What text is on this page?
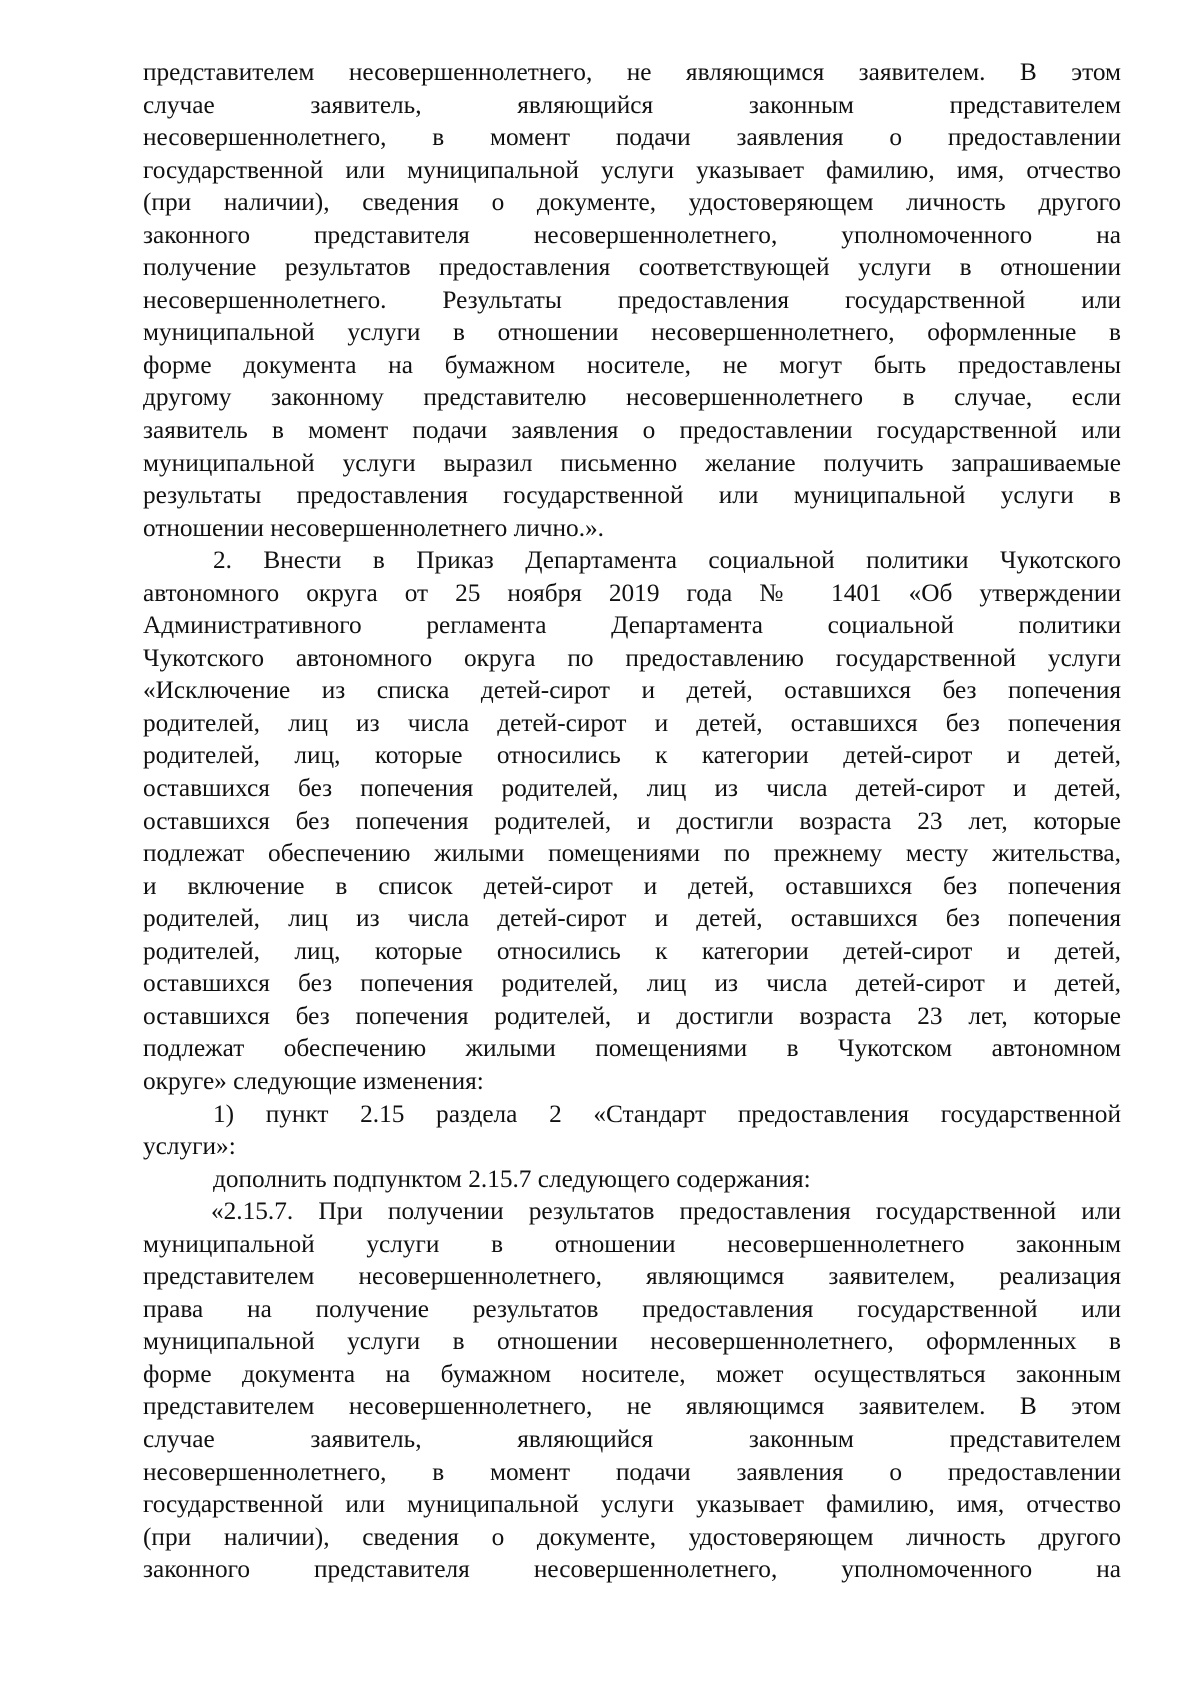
представителем несовершеннолетнего, не являющимся заявителем. В этом
случае заявитель, являющийся законным представителем
несовершеннолетнего, в момент подачи заявления о предоставлении
государственной или муниципальной услуги указывает фамилию, имя, отчество
(при наличии), сведения о документе, удостоверяющем личность другого
законного представителя несовершеннолетнего, уполномоченного на
получение результатов предоставления соответствующей услуги в отношении
несовершеннолетнего. Результаты предоставления государственной или
муниципальной услуги в отношении несовершеннолетнего, оформленные в
форме документа на бумажном носителе, не могут быть предоставлены
другому законному представителю несовершеннолетнего в случае, если
заявитель в момент подачи заявления о предоставлении государственной или
муниципальной услуги выразил письменно желание получить запрашиваемые
результаты предоставления государственной или муниципальной услуги в
отношении несовершеннолетнего лично.».
2. Внести в Приказ Департамента социальной политики Чукотского
автономного округа от 25 ноября 2019 года № 1401 «Об утверждении
Административного регламента Департамента социальной политики
Чукотского автономного округа по предоставлению государственной услуги
«Исключение из списка детей-сирот и детей, оставшихся без попечения
родителей, лиц из числа детей-сирот и детей, оставшихся без попечения
родителей, лиц, которые относились к категории детей-сирот и детей,
оставшихся без попечения родителей, лиц из числа детей-сирот и детей,
оставшихся без попечения родителей, и достигли возраста 23 лет, которые
подлежат обеспечению жилыми помещениями по прежнему месту жительства,
и включение в список детей-сирот и детей, оставшихся без попечения
родителей, лиц из числа детей-сирот и детей, оставшихся без попечения
родителей, лиц, которые относились к категории детей-сирот и детей,
оставшихся без попечения родителей, лиц из числа детей-сирот и детей,
оставшихся без попечения родителей, и достигли возраста 23 лет, которые
подлежат обеспечению жилыми помещениями в Чукотском автономном
округе» следующие изменения:
1) пункт 2.15 раздела 2 «Стандарт предоставления государственной
услуги»:
дополнить подпунктом 2.15.7 следующего содержания:
«2.15.7. При получении результатов предоставления государственной или
муниципальной услуги в отношении несовершеннолетнего законным
представителем несовершеннолетнего, являющимся заявителем, реализация
права на получение результатов предоставления государственной или
муниципальной услуги в отношении несовершеннолетнего, оформленных в
форме документа на бумажном носителе, может осуществляться законным
представителем несовершеннолетнего, не являющимся заявителем. В этом
случае заявитель, являющийся законным представителем
несовершеннолетнего, в момент подачи заявления о предоставлении
государственной или муниципальной услуги указывает фамилию, имя, отчество
(при наличии), сведения о документе, удостоверяющем личность другого
законного представителя несовершеннолетнего, уполномоченного на
